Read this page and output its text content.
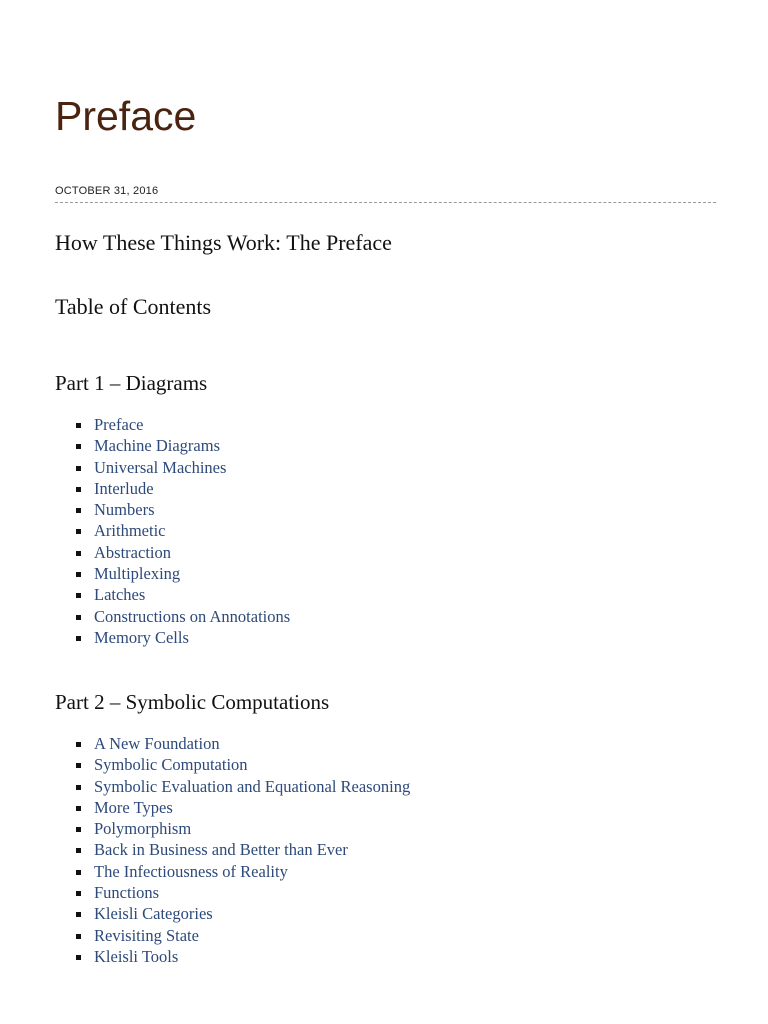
Preface
OCTOBER 31, 2016
How These Things Work: The Preface
Table of Contents
Part 1 – Diagrams
Preface
Machine Diagrams
Universal Machines
Interlude
Numbers
Arithmetic
Abstraction
Multiplexing
Latches
Constructions on Annotations
Memory Cells
Part 2 – Symbolic Computations
A New Foundation
Symbolic Computation
Symbolic Evaluation and Equational Reasoning
More Types
Polymorphism
Back in Business and Better than Ever
The Infectiousness of Reality
Functions
Kleisli Categories
Revisiting State
Kleisli Tools
